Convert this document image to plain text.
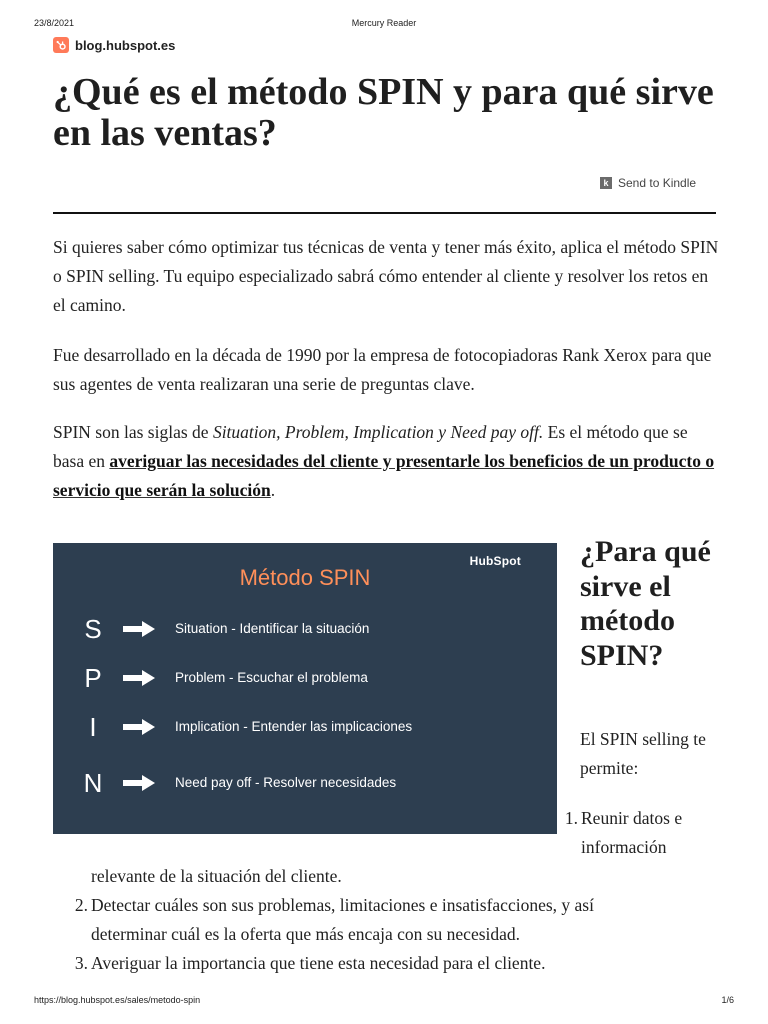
23/8/2021	Mercury Reader
blog.hubspot.es
¿Qué es el método SPIN y para qué sirve en las ventas?
k Send to Kindle

Si quieres saber cómo optimizar tus técnicas de venta y tener más éxito, aplica el método SPIN o SPIN selling. Tu equipo especializado sabrá cómo entender al cliente y resolver los retos en el camino.

Fue desarrollado en la década de 1990 por la empresa de fotocopiadoras Rank Xerox para que sus agentes de venta realizaran una serie de preguntas clave.

SPIN son las siglas de Situation, Problem, Implication y Need pay off. Es el método que se basa en averiguar las necesidades del cliente y presentarle los beneficios de un producto o servicio que serán la solución.

HubSpot
Método SPIN
S	Situation - Identificar la situación
P	Problem - Escuchar el problema
I	Implication - Entender las implicaciones
N	Need pay off - Resolver necesidades
¿Para qué sirve el método SPIN?

El SPIN selling te permite:

1. Reunir datos e
información
relevante de la situación del cliente.
2. Detectar cuáles son sus problemas, limitaciones e insatisfacciones, y así
determinar cuál es la oferta que más encaja con su necesidad.
3. Averiguar la importancia que tiene esta necesidad para el cliente.
https://blog.hubspot.es/sales/metodo-spin	1/6
